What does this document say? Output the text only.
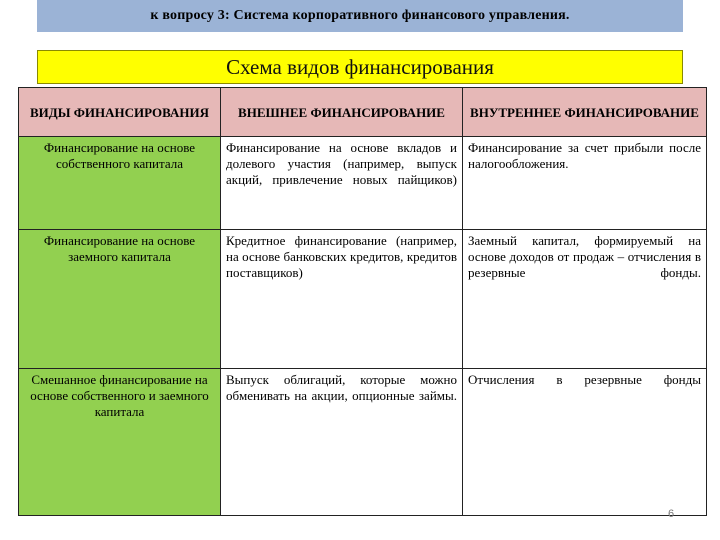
к вопросу 3: Система корпоративного финансового управления.
Схема видов финансирования
ВИДЫ ФИНАНСИРОВАНИЯ	ВНЕШНЕЕ ФИНАНСИРОВАНИЕ	ВНУТРЕННЕЕ ФИНАНСИРОВАНИЕ
Финансирование на основе собственного капитала	Финансирование на основе вкладов и долевого участия (например, выпуск акций, привлечение новых пайщиков)	Финансирование за счет прибыли после налогообложения.
Финансирование на основе заемного капитала	Кредитное финансирование (например, на основе банковских кредитов, кредитов поставщиков)	Заемный капитал, формируемый на основе доходов от продаж – отчисления в резервные фонды.
Смешанное финансирование на основе собственного и заемного капитала	Выпуск облигаций, которые можно обменивать на акции, опционные займы.	Отчисления в резервные фонды
6
